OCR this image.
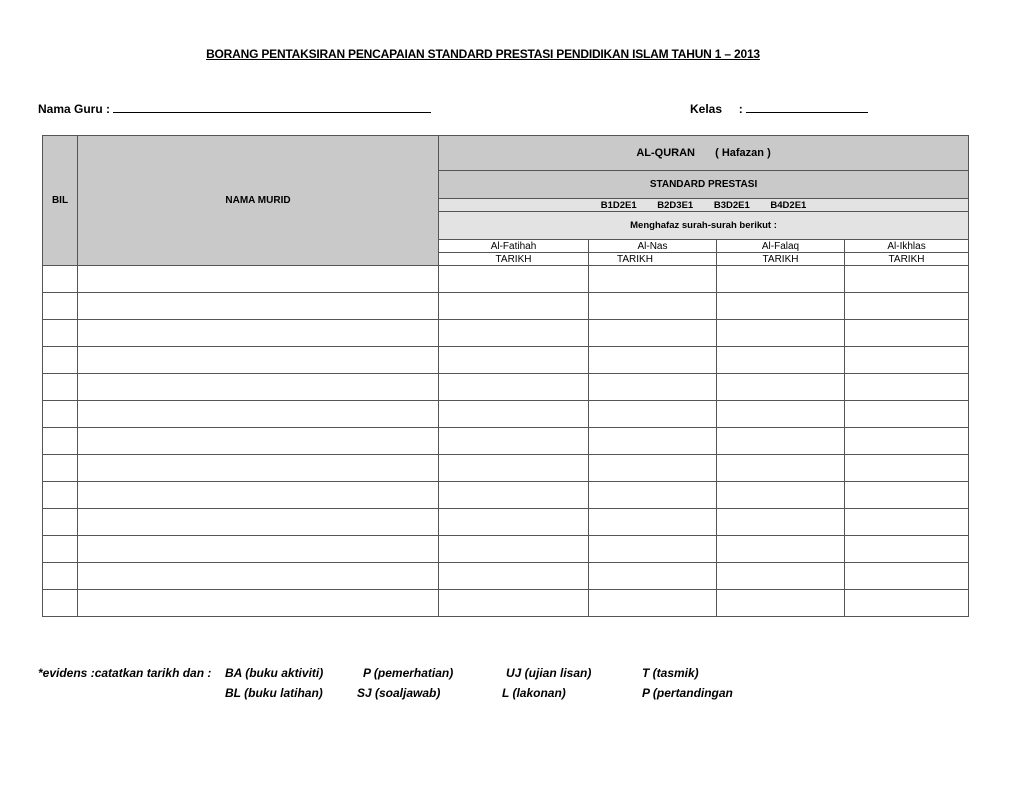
BORANG PENTAKSIRAN PENCAPAIAN STANDARD PRESTASI PENDIDIKAN ISLAM TAHUN 1 – 2013
Nama Guru :	Kelas :
BIL	NAMA MURID	AL-QURAN ( Hafazan )			
		STANDARD PRESTASI			
		B1D2E1 B2D3E1 B3D2E1 B4D2E1			
		Menghafaz surah-surah berikut :			
		Al-Fatihah	Al-Nas	Al-Falaq	Al-Ikhlas
		TARIKH	TARIKH	TARIKH	TARIKH

*evidens :catatkan tarikh dan : BA (buku aktiviti)	P (pemerhatian)	UJ (ujian lisan)	T (tasmik)
BL (buku latihan)	SJ (soaljawab)	L (lakonan)	P (pertandingan
